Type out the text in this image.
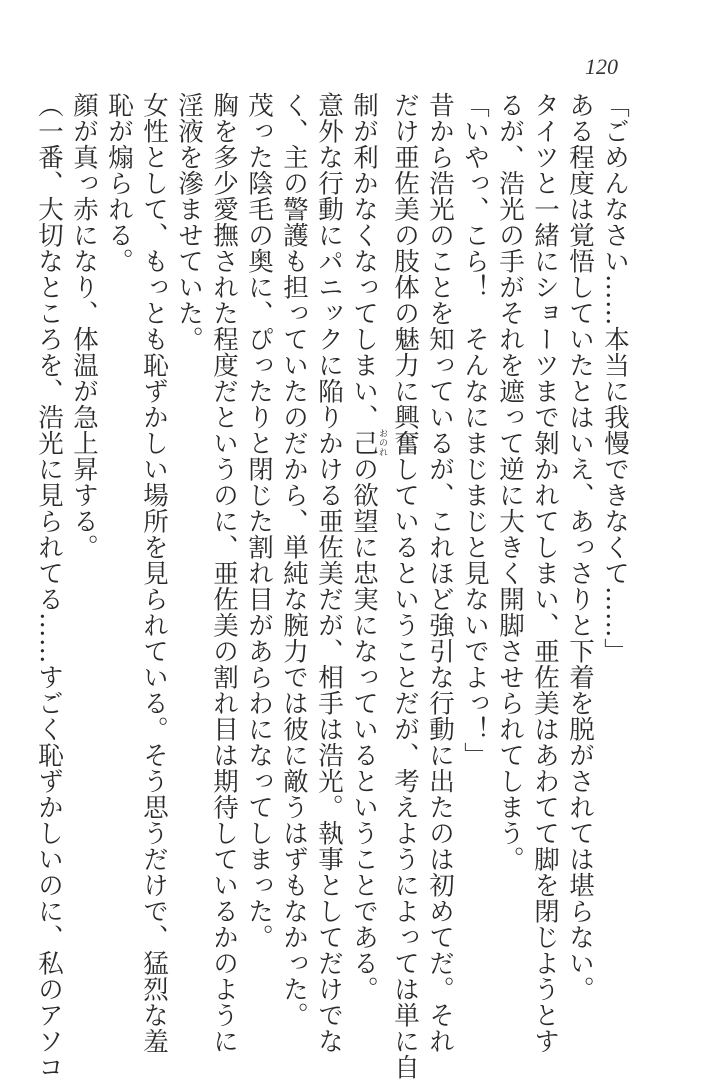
120
「ごめんなさい……本当に我慢できなくて……」
ある程度は覚悟していたとはいえ、あっさりと下着を脱がされては堪らない。
タイツと一緒にショーツまで剝かれてしまい、亜佐美はあわてて脚を閉じようとす
るが、浩光の手がそれを遮って逆に大きく開脚させられてしまう。
「いやっ、こら！　そんなにまじまじと見ないでよっ！」
昔から浩光のことを知っているが、これほど強引な行動に出たのは初めてだ。それ
だけ亜佐美の肢体の魅力に興奮しているということだが、考えようによっては単に自
制が利かなくなってしまい、己おのれの欲望に忠実になっているということである。
意外な行動にパニックに陥りかける亜佐美だが、相手は浩光。執事としてだけでな
く、主の警護も担っていたのだから、単純な腕力では彼に敵うはずもなかった。
茂った陰毛の奥に、ぴったりと閉じた割れ目があらわになってしまった。
胸を多少愛撫された程度だというのに、亜佐美の割れ目は期待しているかのように
淫液を滲ませていた。
女性として、もっとも恥ずかしい場所を見られている。そう思うだけで、猛烈な羞
恥が煽られる。
顔が真っ赤になり、体温が急上昇する。
（一番、大切なところを、浩光に見られてる……すごく恥ずかしいのに、私のアソコ
